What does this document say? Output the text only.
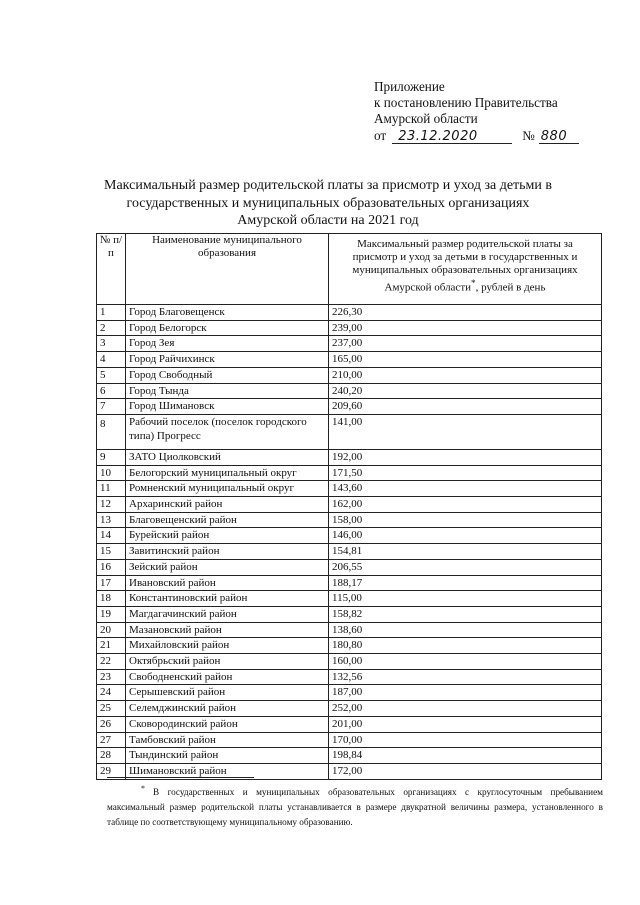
Приложение
к постановлению Правительства
Амурской области
от 23.12.2020	№ 880
Максимальный размер родительской платы за присмотр и уход за детьми в
государственных и муниципальных образовательных организациях
Амурской области на 2021 год
№ п/п	Наименование муниципального образования	Максимальный размер родительской платы за присмотр и уход за детьми в государственных и муниципальных образовательных организациях Амурской области*, рублей в день
1	Город Благовещенск	226,30
2	Город Белогорск	239,00
3	Город Зея	237,00
4	Город Райчихинск	165,00
5	Город Свободный	210,00
6	Город Тында	240,20
7	Город Шимановск	209,60
8	Рабочий поселок (поселок городского типа) Прогресс	141,00
9	ЗАТО Циолковский	192,00
10	Белогорский муниципальный округ	171,50
11	Ромненский муниципальный округ	143,60
12	Архаринский район	162,00
13	Благовещенский район	158,00
14	Бурейский район	146,00
15	Завитинский район	154,81
16	Зейский район	206,55
17	Ивановский район	188,17
18	Константиновский район	115,00
19	Магдагачинский район	158,82
20	Мазановский район	138,60
21	Михайловский район	180,80
22	Октябрьский район	160,00
23	Свободненский район	132,56
24	Серышевский район	187,00
25	Селемджинский район	252,00
26	Сковородинский район	201,00
27	Тамбовский район	170,00
28	Тындинский район	198,84
29	Шимановский район	172,00
* В государственных и муниципальных образовательных организациях с круглосуточным пребыванием максимальный размер родительской платы устанавливается в размере двукратной величины размера, установленного в таблице по соответствующему муниципальному образованию.
